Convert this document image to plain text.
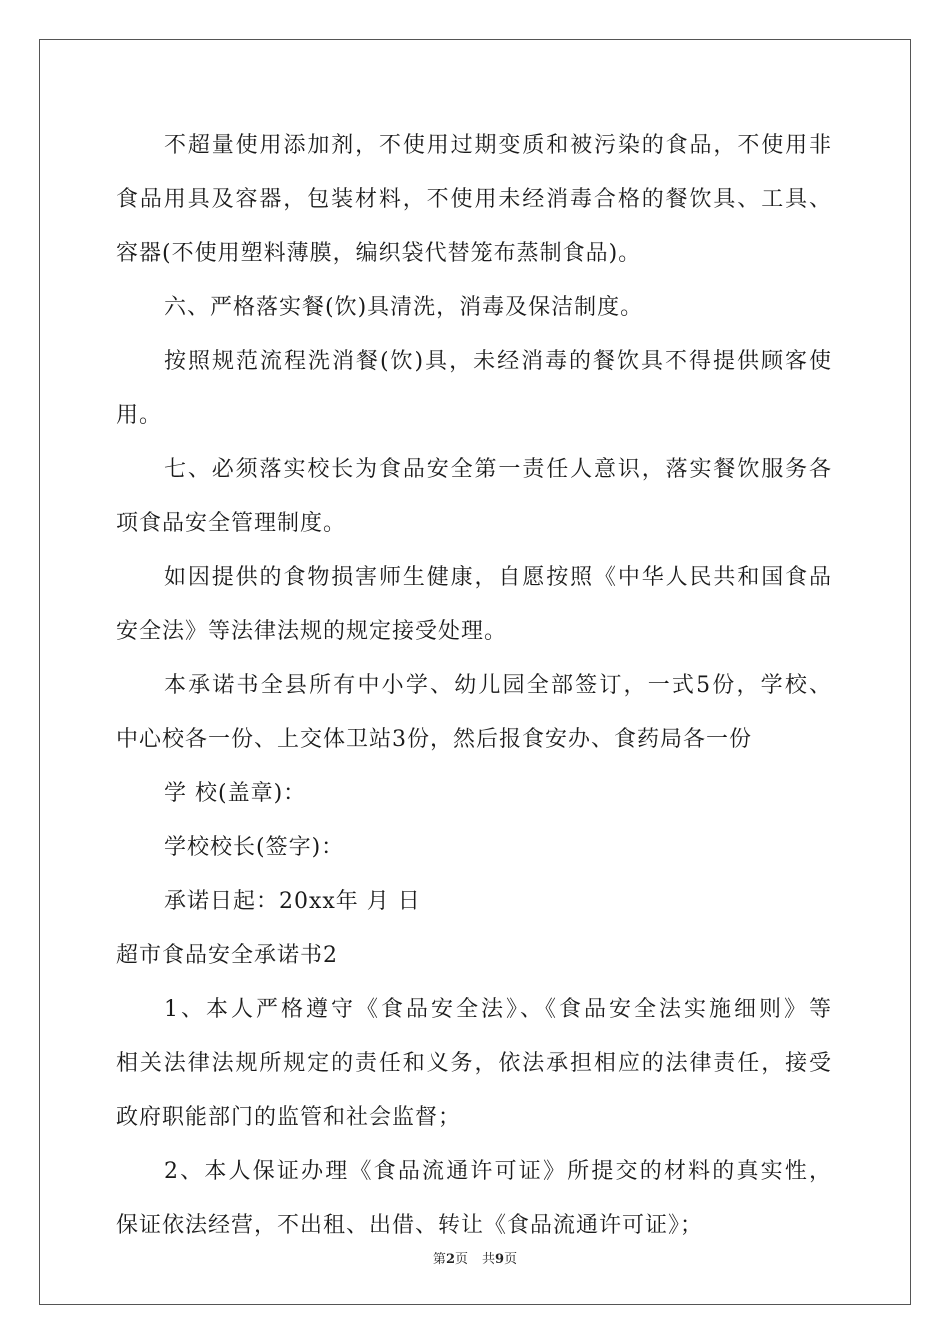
不超量使用添加剂，不使用过期变质和被污染的食品，不使用非
食品用具及容器，包装材料，不使用未经消毒合格的餐饮具、工具、
容器(不使用塑料薄膜，编织袋代替笼布蒸制食品)。
六、严格落实餐(饮)具清洗，消毒及保洁制度。
按照规范流程洗消餐(饮)具，未经消毒的餐饮具不得提供顾客使
用。
七、必须落实校长为食品安全第一责任人意识，落实餐饮服务各
项食品安全管理制度。
如因提供的食物损害师生健康，自愿按照《中华人民共和国食品
安全法》等法律法规的规定接受处理。
本承诺书全县所有中小学、幼儿园全部签订，一式5份，学校、
中心校各一份、上交体卫站3份，然后报食安办、食药局各一份
学 校(盖章)：
学校校长(签字)：
承诺日起：20xx年 月 日
超市食品安全承诺书2
1、本人严格遵守《食品安全法》、《食品安全法实施细则》等
相关法律法规所规定的责任和义务，依法承担相应的法律责任，接受
政府职能部门的监管和社会监督；
2、本人保证办理《食品流通许可证》所提交的材料的真实性，
保证依法经营，不出租、出借、转让《食品流通许可证》；
第2页 共9页
